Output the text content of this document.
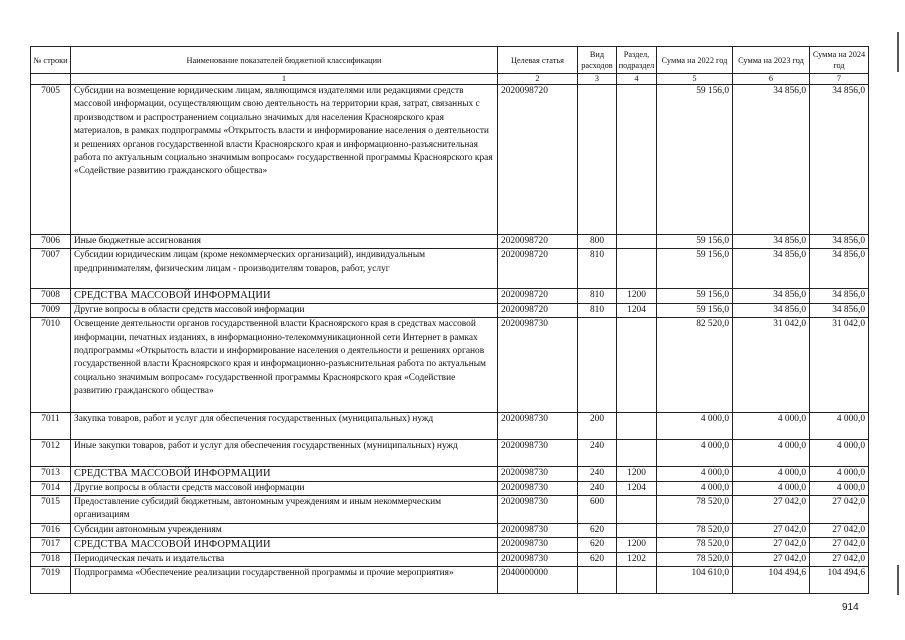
№ строки	Наименование показателей бюджетной классификации	Целевая статья	Вид расходов	Раздел, подраздел	Сумма на 2022 год	Сумма на 2023 год	Сумма на 2024 год
	1	2	3	4	5	6	7
7005	Субсидии на возмещение юридическим лицам, являющимся издателями или редакциями средств массовой информации, осуществляющим свою деятельность на территории края, затрат, связанных с производством и распространением социально значимых для населения Красноярского края материалов, в рамках подпрограммы «Открытость власти и информирование населения о деятельности и решениях органов государственной власти Красноярского края и информационно-разъяснительная работа по актуальным социально значимым вопросам» государственной программы Красноярского края «Содействие развитию гражданского общества»	2020098720			59 156,0	34 856,0	34 856,0
7006	Иные бюджетные ассигнования	2020098720	800		59 156,0	34 856,0	34 856,0
7007	Субсидии юридическим лицам (кроме некоммерческих организаций), индивидуальным предпринимателям, физическим лицам - производителям товаров, работ, услуг	2020098720	810		59 156,0	34 856,0	34 856,0
7008	СРЕДСТВА МАССОВОЙ ИНФОРМАЦИИ	2020098720	810	1200	59 156,0	34 856,0	34 856,0
7009	Другие вопросы в области средств массовой информации	2020098720	810	1204	59 156,0	34 856,0	34 856,0
7010	Освещение деятельности органов государственной власти Красноярского края в средствах массовой информации, печатных изданиях, в информационно-телекоммуникационной сети Интернет в рамках подпрограммы «Открытость власти и информирование населения о деятельности и решениях органов государственной власти Красноярского края и информационно-разъяснительная работа по актуальным социально значимым вопросам» государственной программы Красноярского края «Содействие развитию гражданского общества»	2020098730			82 520,0	31 042,0	31 042,0
7011	Закупка товаров, работ и услуг для обеспечения государственных (муниципальных) нужд	2020098730	200		4 000,0	4 000,0	4 000,0
7012	Иные закупки товаров, работ и услуг для обеспечения государственных (муниципальных) нужд	2020098730	240		4 000,0	4 000,0	4 000,0
7013	СРЕДСТВА МАССОВОЙ ИНФОРМАЦИИ	2020098730	240	1200	4 000,0	4 000,0	4 000,0
7014	Другие вопросы в области средств массовой информации	2020098730	240	1204	4 000,0	4 000,0	4 000,0
7015	Предоставление субсидий бюджетным, автономным учреждениям и иным некоммерческим организациям	2020098730	600		78 520,0	27 042,0	27 042,0
7016	Субсидии автономным учреждениям	2020098730	620		78 520,0	27 042,0	27 042,0
7017	СРЕДСТВА МАССОВОЙ ИНФОРМАЦИИ	2020098730	620	1200	78 520,0	27 042,0	27 042,0
7018	Периодическая печать и издательства	2020098730	620	1202	78 520,0	27 042,0	27 042,0
7019	Подпрограмма «Обеспечение реализации государственной программы и прочие мероприятия»	2040000000			104 610,0	104 494,6	104 494,6
914
